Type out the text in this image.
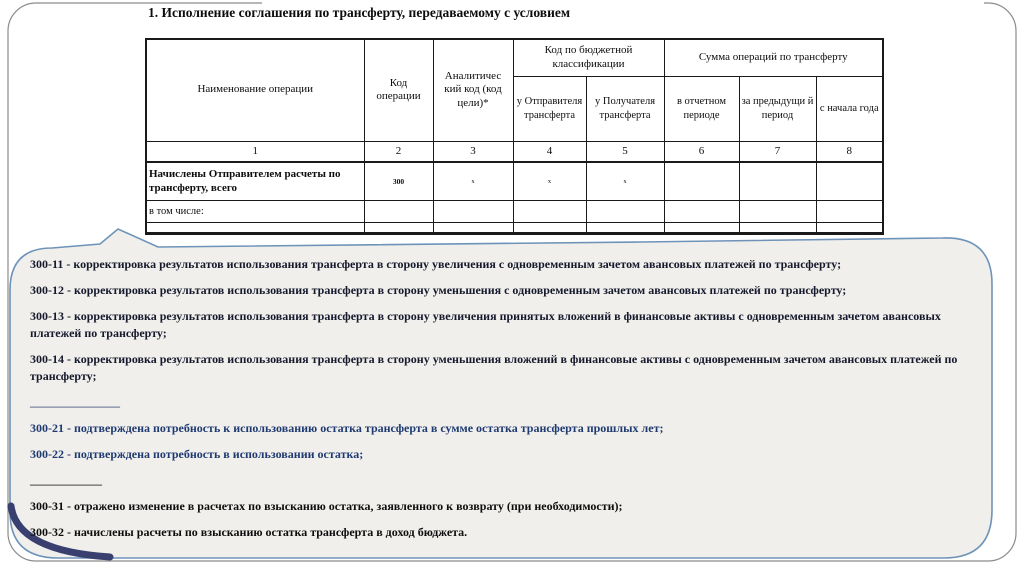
1. Исполнение соглашения по трансферту, передаваемому с условием
Наименование операции	Код операции	Аналитичес кий код (код цели)*	Код по бюджетной классификации		Сумма операций по трансферту		
			у Отправителя трансферта	у Получателя трансферта	в отчетном периоде	за предыдущи й период	с начала года
1	2	3	4	5	6	7	8
Начислены Отправителем расчеты по трансферту, всего	300	х	х	х			
в том числе:							

300-11 - корректировка результатов использования трансферта в сторону увеличения с одновременным зачетом авансовых платежей по трансферту;

300-12 - корректировка результатов использования трансферта в сторону уменьшения с одновременным зачетом авансовых платежей по трансферту;

300-13 - корректировка результатов использования трансферта в сторону увеличения принятых вложений в финансовые активы с одновременным зачетом авансовых платежей по трансферту;

300-14 - корректировка результатов использования трансферта в сторону уменьшения вложений в финансовые активы с одновременным зачетом авансовых платежей по трансферту;

_______________

300-21 - подтверждена потребность к использованию остатка трансферта в сумме остатка трансферта прошлых лет;

300-22 - подтверждена потребность в использовании остатка;

____________

300-31 - отражено изменение в расчетах по взысканию остатка, заявленного к возврату (при необходимости);

300-32 - начислены расчеты по взысканию остатка трансферта в доход бюджета.
